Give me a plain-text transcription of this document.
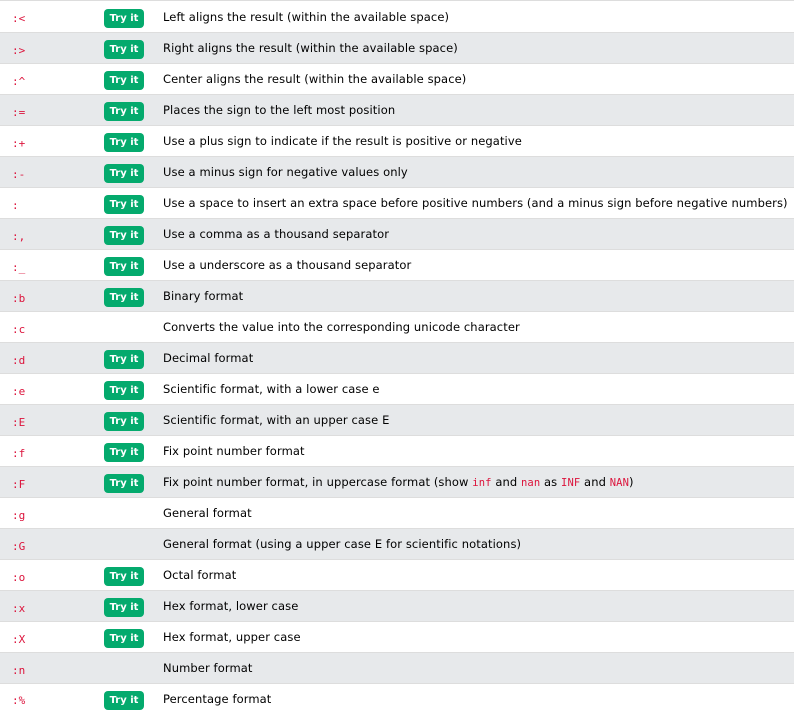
:<	Try it	Left aligns the result (within the available space)
:>	Try it	Right aligns the result (within the available space)
:^	Try it	Center aligns the result (within the available space)
:=	Try it	Places the sign to the left most position
:+	Try it	Use a plus sign to indicate if the result is positive or negative
:-	Try it	Use a minus sign for negative values only
:	Try it	Use a space to insert an extra space before positive numbers (and a minus sign before negative numbers)
:,	Try it	Use a comma as a thousand separator
:_	Try it	Use a underscore as a thousand separator
:b	Try it	Binary format
:c		Converts the value into the corresponding unicode character
:d	Try it	Decimal format
:e	Try it	Scientific format, with a lower case e
:E	Try it	Scientific format, with an upper case E
:f	Try it	Fix point number format
:F	Try it	Fix point number format, in uppercase format (show inf and nan as INF and NAN)
:g		General format
:G		General format (using a upper case E for scientific notations)
:o	Try it	Octal format
:x	Try it	Hex format, lower case
:X	Try it	Hex format, upper case
:n		Number format
:%	Try it	Percentage format
